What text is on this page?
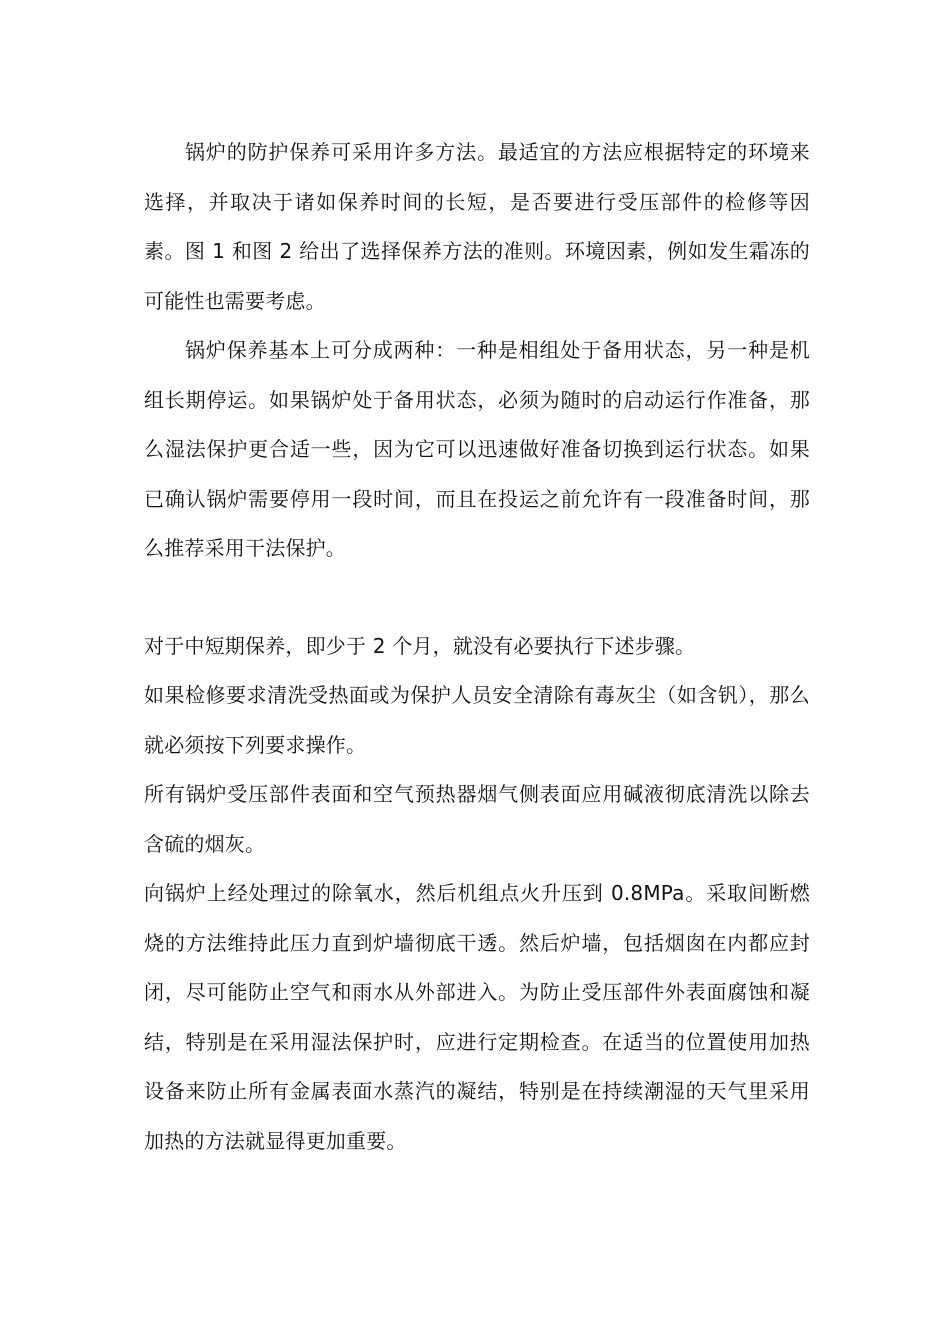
锅炉的防护保养可采用许多方法。最适宜的方法应根据特定的环境来选择，并取决于诸如保养时间的长短，是否要进行受压部件的检修等因素。图 1 和图 2 给出了选择保养方法的准则。环境因素，例如发生霜冻的可能性也需要考虑。

锅炉保养基本上可分成两种：一种是相组处于备用状态，另一种是机组长期停运。如果锅炉处于备用状态，必须为随时的启动运行作准备，那么湿法保护更合适一些，因为它可以迅速做好准备切换到运行状态。如果已确认锅炉需要停用一段时间，而且在投运之前允许有一段准备时间，那么推荐采用干法保护。

对于中短期保养，即少于 2 个月，就没有必要执行下述步骤。

如果检修要求清洗受热面或为保护人员安全清除有毒灰尘（如含钒），那么就必须按下列要求操作。

所有锅炉受压部件表面和空气预热器烟气侧表面应用碱液彻底清洗以除去含硫的烟灰。

向锅炉上经处理过的除氧水，然后机组点火升压到 0.8MPa。采取间断燃烧的方法维持此压力直到炉墙彻底干透。然后炉墙，包括烟囱在内都应封闭，尽可能防止空气和雨水从外部进入。为防止受压部件外表面腐蚀和凝结，特别是在采用湿法保护时，应进行定期检查。在适当的位置使用加热设备来防止所有金属表面水蒸汽的凝结，特别是在持续潮湿的天气里采用加热的方法就显得更加重要。
